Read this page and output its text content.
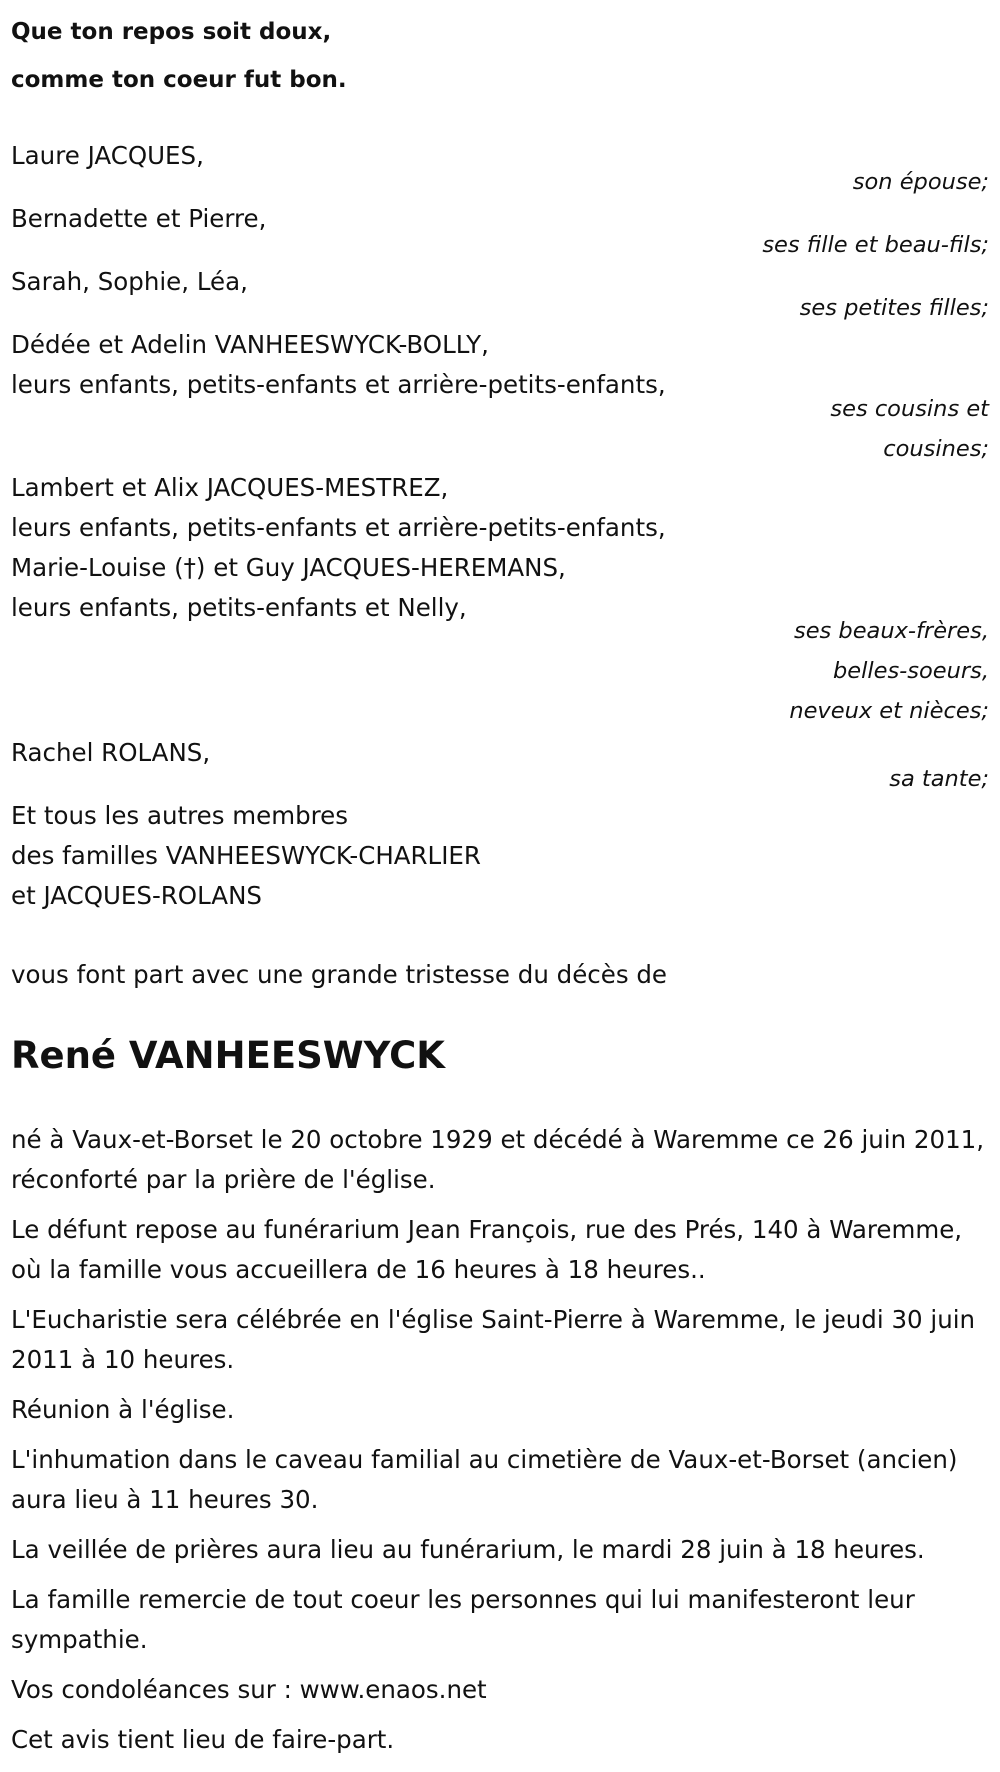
Que ton repos soit doux,
comme ton coeur fut bon.
Laure JACQUES,
son épouse;
Bernadette et Pierre,
ses fille et beau-fils;
Sarah, Sophie, Léa,
ses petites filles;
Dédée et Adelin VANHEESWYCK-BOLLY,
leurs enfants, petits-enfants et arrière-petits-enfants,
ses cousins et
cousines;
Lambert et Alix JACQUES-MESTREZ,
leurs enfants, petits-enfants et arrière-petits-enfants,
Marie-Louise (†) et Guy JACQUES-HEREMANS,
leurs enfants, petits-enfants et Nelly,
ses beaux-frères,
belles-soeurs,
neveux et nièces;
Rachel ROLANS,
sa tante;
Et tous les autres membres
des familles VANHEESWYCK-CHARLIER
et JACQUES-ROLANS
vous font part avec une grande tristesse du décès de
René VANHEESWYCK

né à Vaux-et-Borset le 20 octobre 1929 et décédé à Waremme ce 26 juin 2011, réconforté par la prière de l'église.

Le défunt repose au funérarium Jean François, rue des Prés, 140 à Waremme, où la famille vous accueillera de 16 heures à 18 heures..

L'Eucharistie sera célébrée en l'église Saint-Pierre à Waremme, le jeudi 30 juin 2011 à 10 heures.

Réunion à l'église.

L'inhumation dans le caveau familial au cimetière de Vaux-et-Borset (ancien) aura lieu à 11 heures 30.

La veillée de prières aura lieu au funérarium, le mardi 28 juin à 18 heures.

La famille remercie de tout coeur les personnes qui lui manifesteront leur sympathie.

Vos condoléances sur : www.enaos.net

Cet avis tient lieu de faire-part.
